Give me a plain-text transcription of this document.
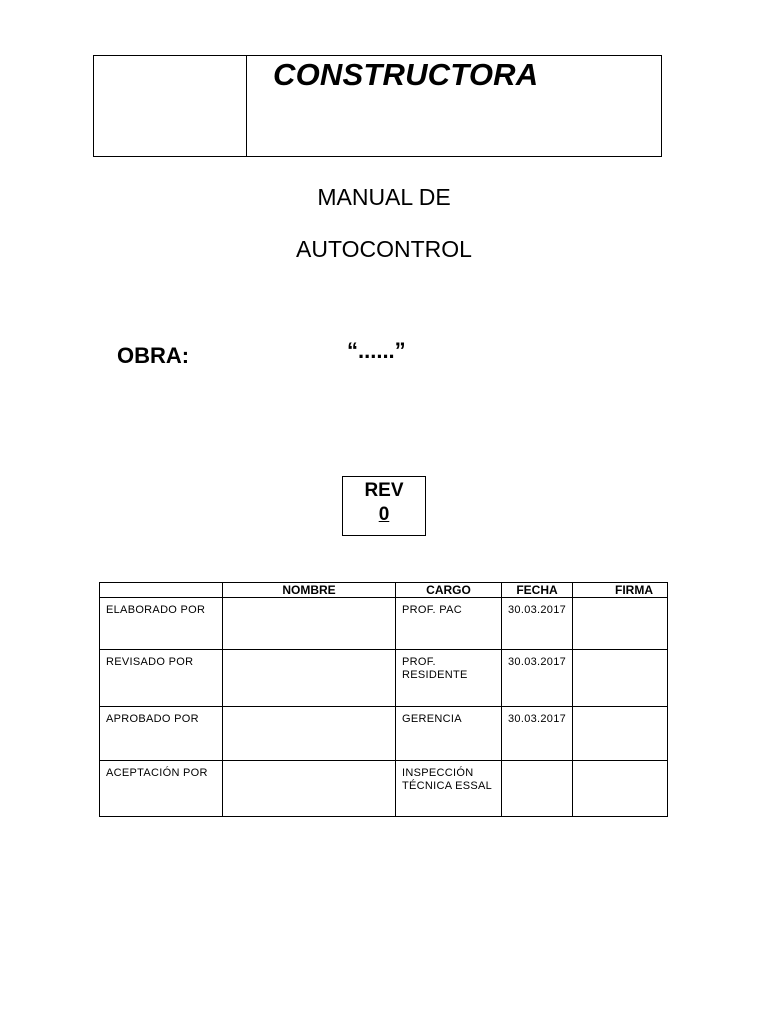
CONSTRUCTORA
MANUAL DE
AUTOCONTROL
OBRA:	“......”
REV
0
	NOMBRE	CARGO	FECHA	FIRMA
ELABORADO POR		PROF. PAC	30.03.2017	
REVISADO POR		PROF. RESIDENTE	30.03.2017	
APROBADO POR		GERENCIA	30.03.2017	
ACEPTACIÓN POR		INSPECCIÓN TÉCNICA ESSAL		
